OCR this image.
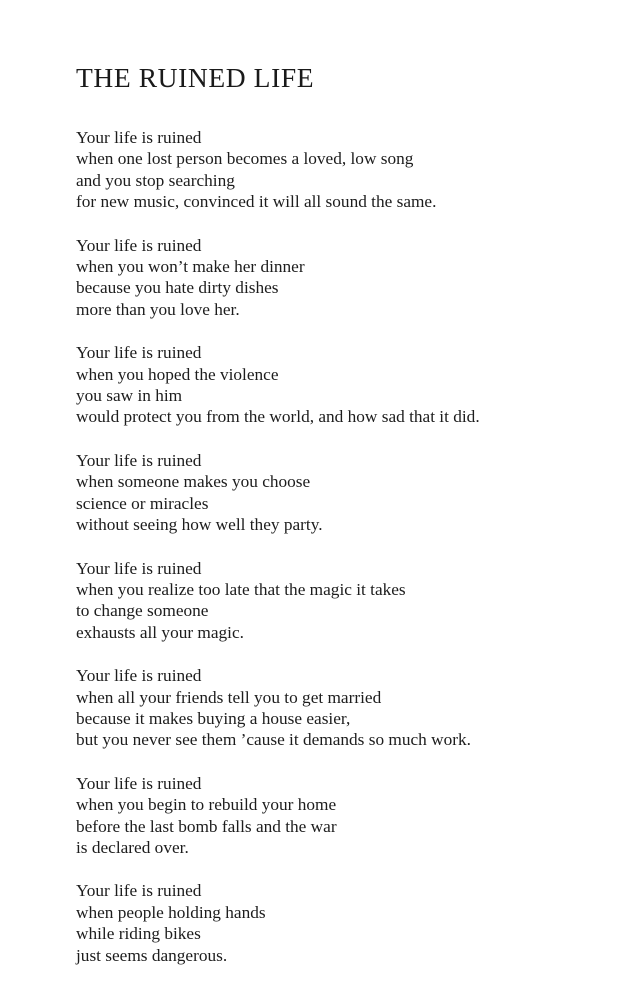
THE RUINED LIFE
Your life is ruined
when one lost person becomes a loved, low song
and you stop searching
for new music, convinced it will all sound the same.
Your life is ruined
when you won’t make her dinner
because you hate dirty dishes
more than you love her.
Your life is ruined
when you hoped the violence
you saw in him
would protect you from the world, and how sad that it did.
Your life is ruined
when someone makes you choose
science or miracles
without seeing how well they party.
Your life is ruined
when you realize too late that the magic it takes
to change someone
exhausts all your magic.
Your life is ruined
when all your friends tell you to get married
because it makes buying a house easier,
but you never see them ’cause it demands so much work.
Your life is ruined
when you begin to rebuild your home
before the last bomb falls and the war
is declared over.
Your life is ruined
when people holding hands
while riding bikes
just seems dangerous.
